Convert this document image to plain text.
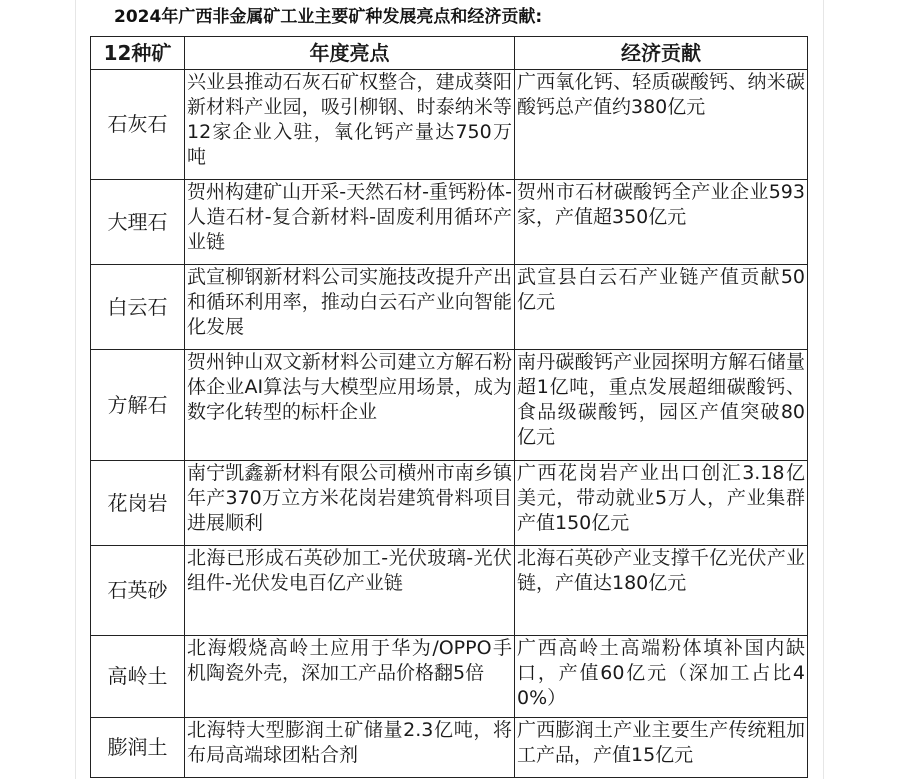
2024年广西非金属矿工业主要矿种发展亮点和经济贡献:
12种矿	年度亮点	经济贡献
石灰石	兴业县推动石灰石矿权整合，建成葵阳新材料产业园，吸引柳钢、时泰纳米等12家企业入驻，氧化钙产量达750万吨	广西氧化钙、轻质碳酸钙、纳米碳酸钙总产值约380亿元
大理石	贺州构建矿山开采-天然石材-重钙粉体-人造石材-复合新材料-固废利用循环产业链	贺州市石材碳酸钙全产业企业593家，产值超350亿元
白云石	武宣柳钢新材料公司实施技改提升产出和循环利用率，推动白云石产业向智能化发展	武宣县白云石产业链产值贡献50亿元
方解石	贺州钟山双文新材料公司建立方解石粉体企业AI算法与大模型应用场景，成为数字化转型的标杆企业	南丹碳酸钙产业园探明方解石储量超1亿吨，重点发展超细碳酸钙、食品级碳酸钙，园区产值突破80亿元
花岗岩	南宁凯鑫新材料有限公司横州市南乡镇年产370万立方米花岗岩建筑骨料项目进展顺利	广西花岗岩产业出口创汇3.18亿美元，带动就业5万人，产业集群产值150亿元
石英砂	北海已形成石英砂加工-光伏玻璃-光伏组件-光伏发电百亿产业链	北海石英砂产业支撑千亿光伏产业链，产值达180亿元
高岭土	北海煅烧高岭土应用于华为/OPPO手机陶瓷外壳，深加工产品价格翻5倍	广西高岭土高端粉体填补国内缺口，产值60亿元（深加工占比40%）
膨润土	北海特大型膨润土矿储量2.3亿吨，将布局高端球团粘合剂	广西膨润土产业主要生产传统粗加工产品，产值15亿元
